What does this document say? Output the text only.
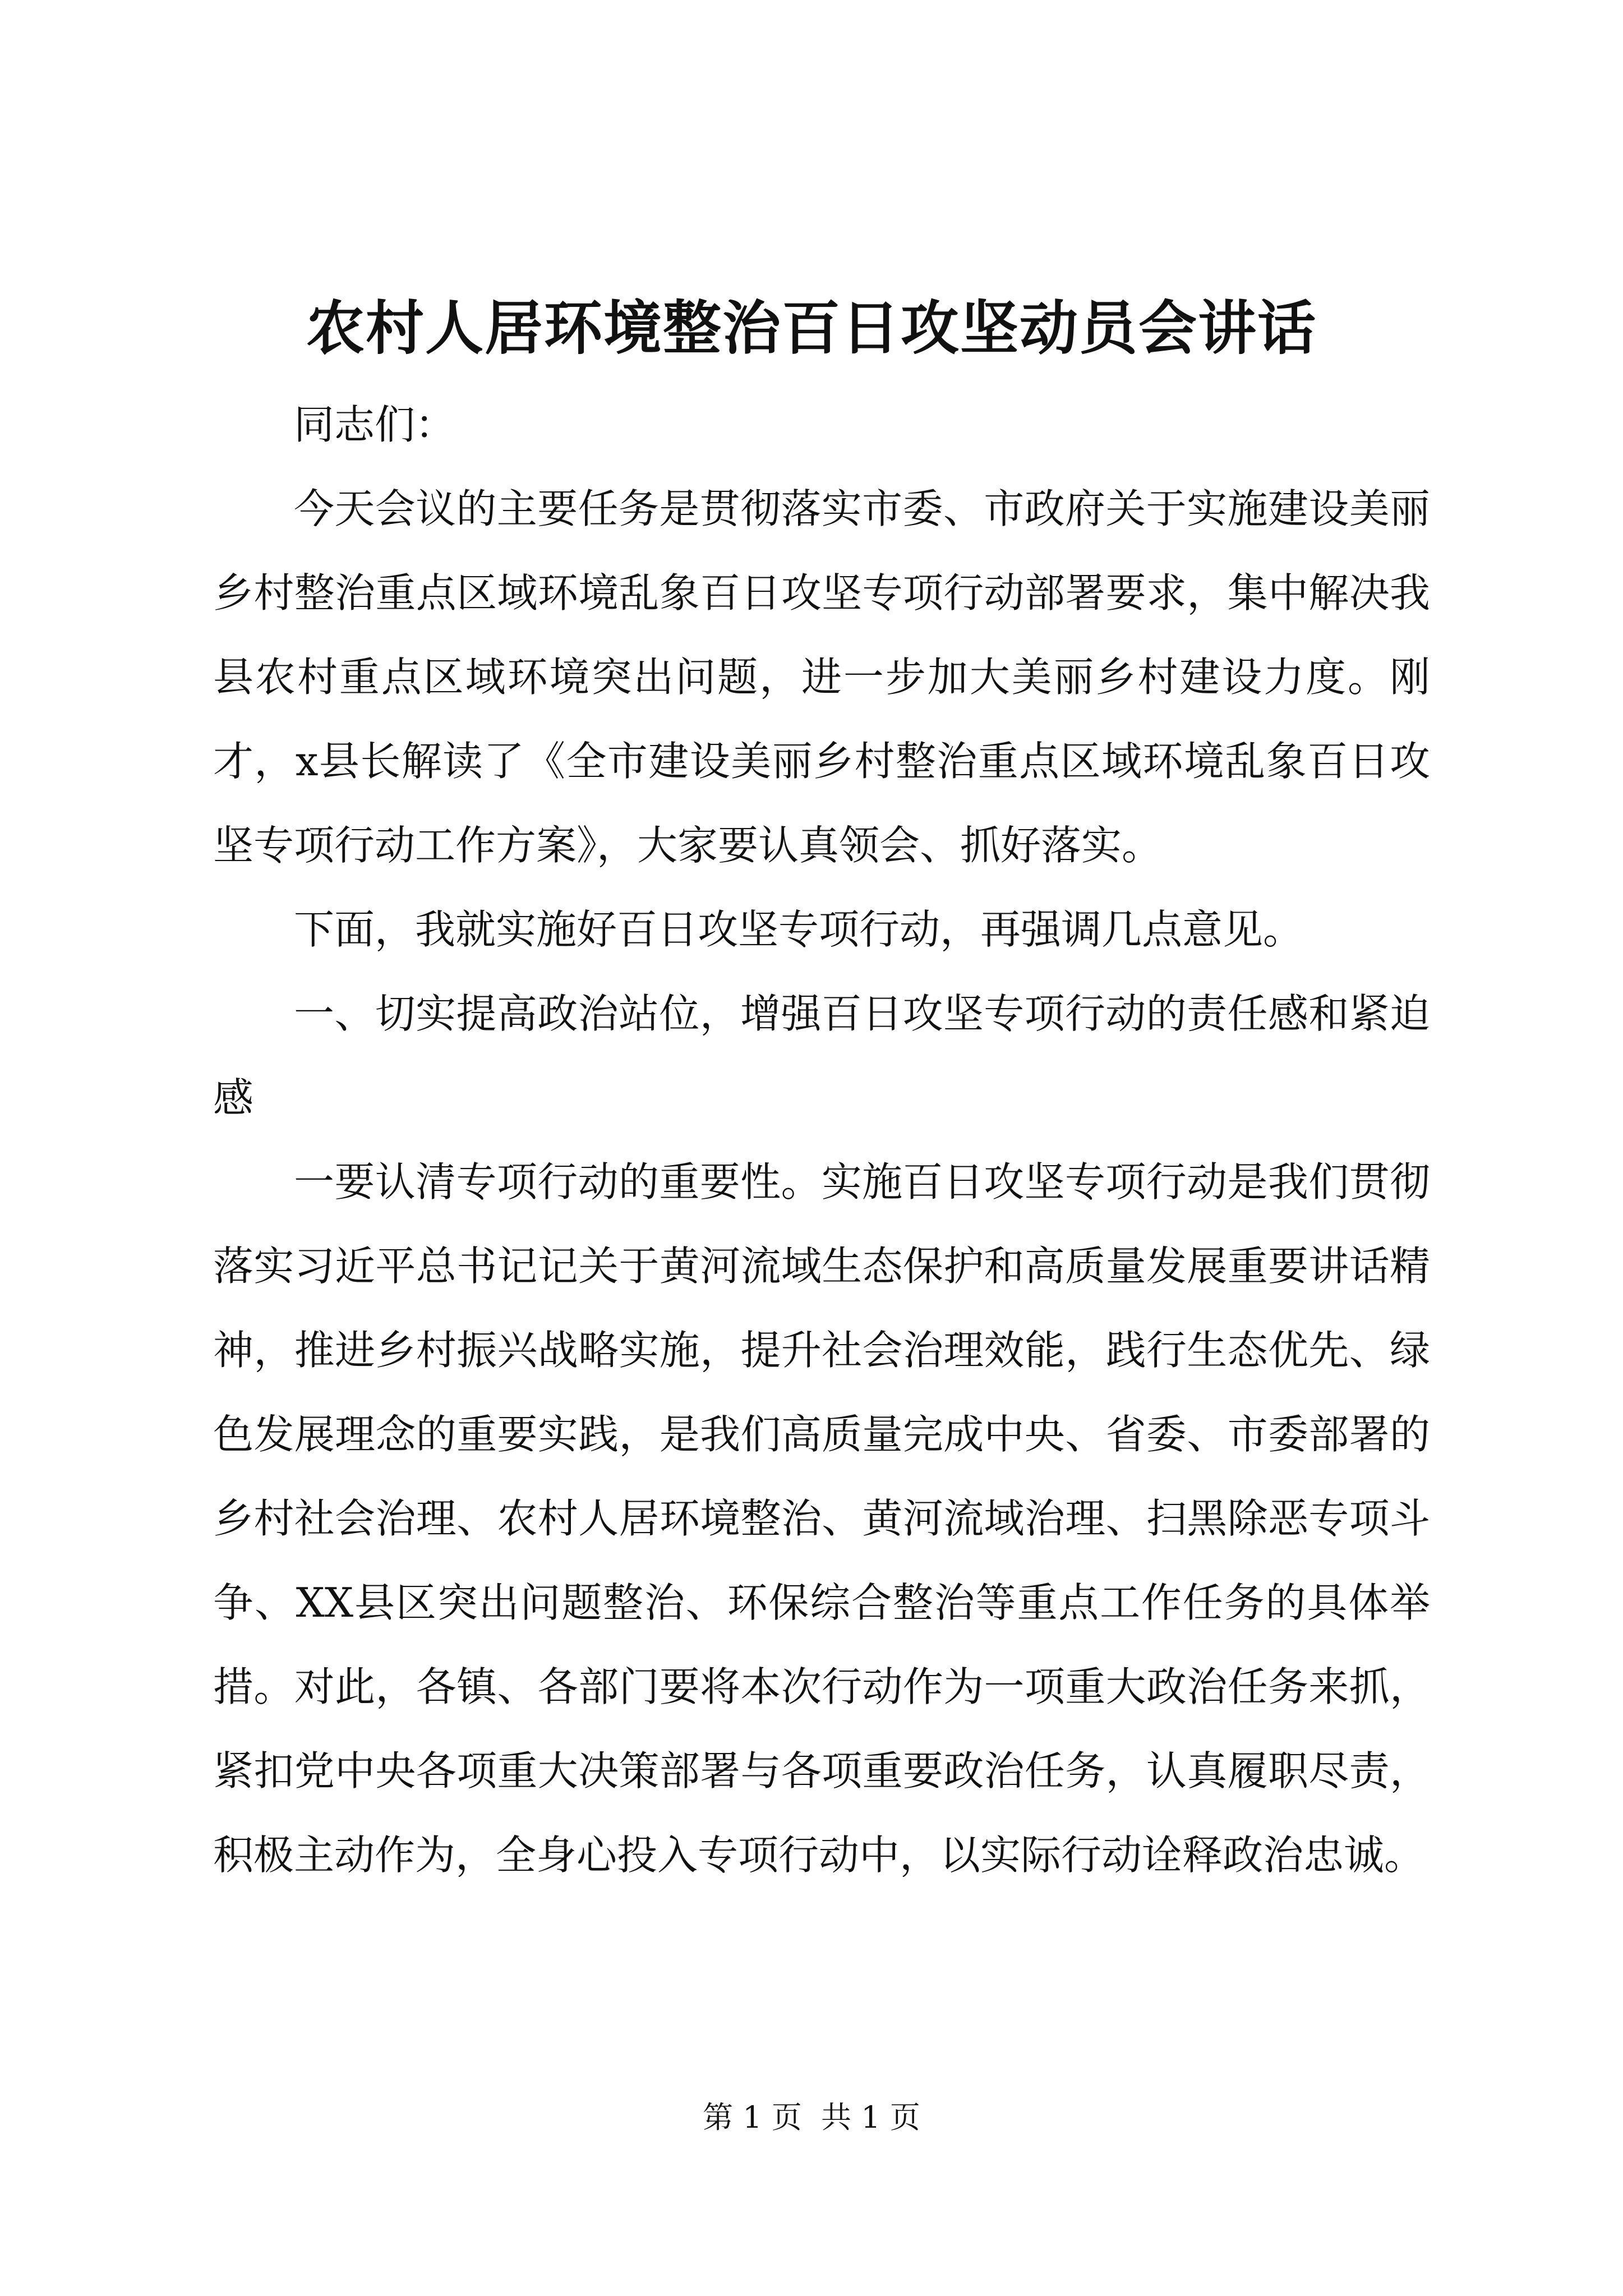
农村人居环境整治百日攻坚动员会讲话

同志们：

今天会议的主要任务是贯彻落实市委、市政府关于实施建设美丽乡村整治重点区域环境乱象百日攻坚专项行动部署要求，集中解决我县农村重点区域环境突出问题，进一步加大美丽乡村建设力度。刚才，x县长解读了《全市建设美丽乡村整治重点区域环境乱象百日攻坚专项行动工作方案》，大家要认真领会、抓好落实。

下面，我就实施好百日攻坚专项行动，再强调几点意见。

一、切实提高政治站位，增强百日攻坚专项行动的责任感和紧迫感

一要认清专项行动的重要性。实施百日攻坚专项行动是我们贯彻落实习近平总书记记关于黄河流域生态保护和高质量发展重要讲话精神，推进乡村振兴战略实施，提升社会治理效能，践行生态优先、绿色发展理念的重要实践，是我们高质量完成中央、省委、市委部署的乡村社会治理、农村人居环境整治、黄河流域治理、扫黑除恶专项斗争、XX县区突出问题整治、环保综合整治等重点工作任务的具体举措。对此，各镇、各部门要将本次行动作为一项重大政治任务来抓，紧扣党中央各项重大决策部署与各项重要政治任务，认真履职尽责，积极主动作为，全身心投入专项行动中，以实际行动诠释政治忠诚。

第 1 页  共 1 页
